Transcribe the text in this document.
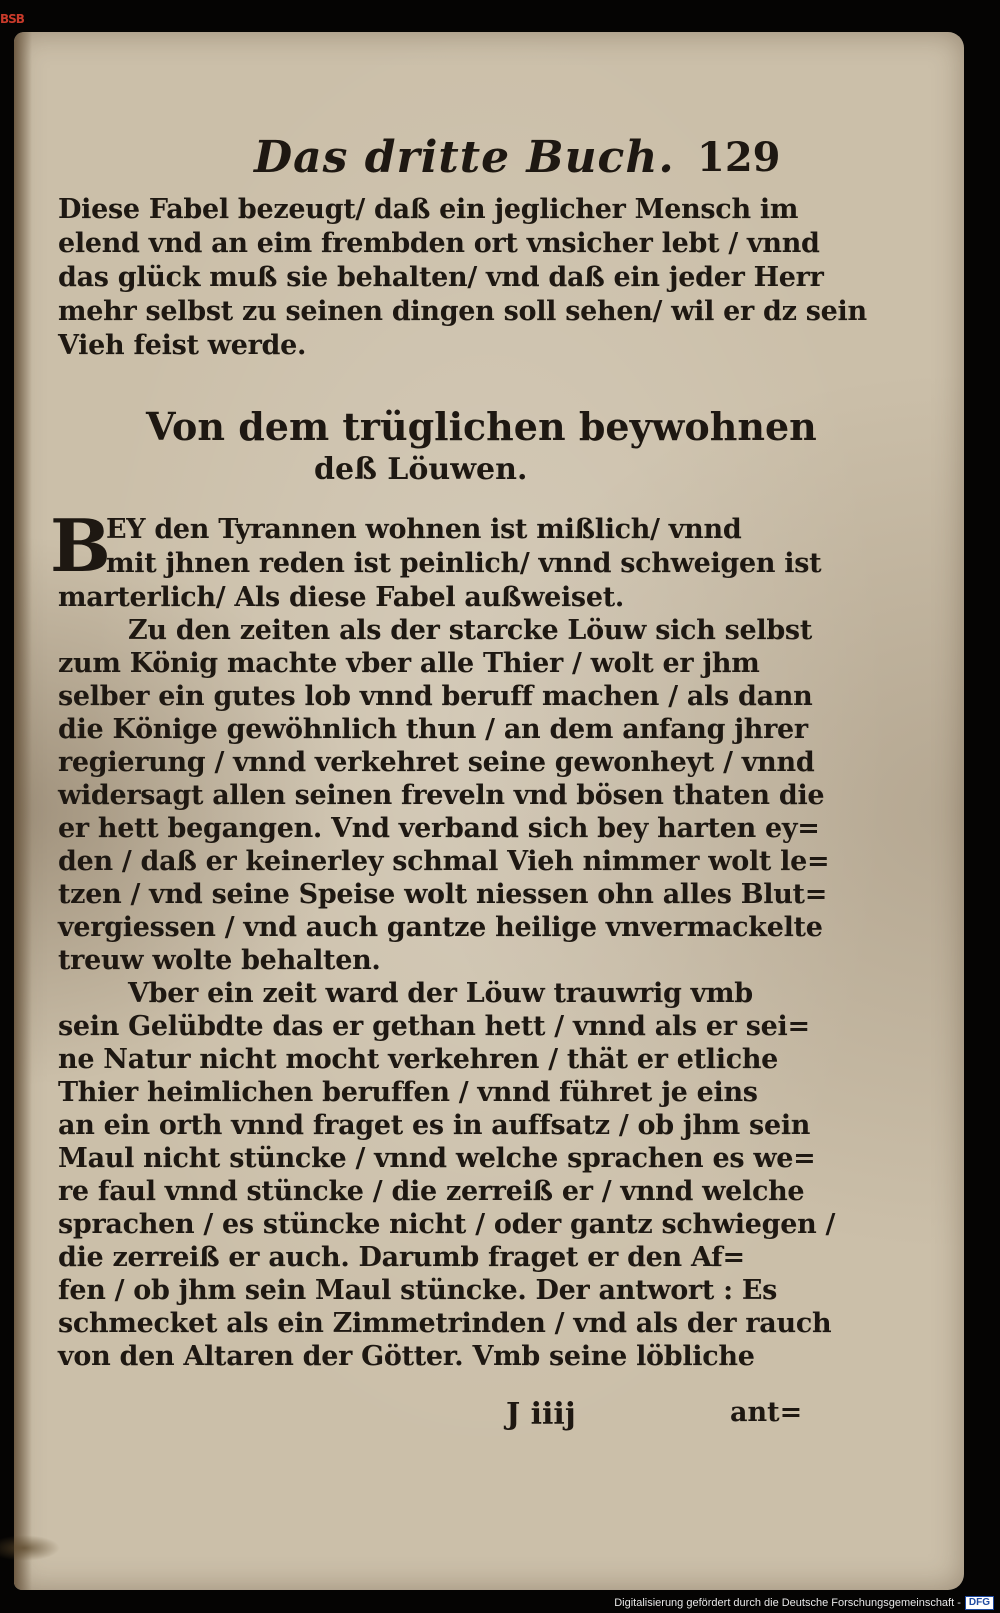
BSB
Das dritte Buch. 129
Diese Fabel bezeugt/ daß ein jeglicher Mensch im
elend vnd an eim frembden ort vnsicher lebt / vnnd
das glück muß sie behalten/ vnd daß ein jeder Herr
mehr selbst zu seinen dingen soll sehen/ wil er dz sein
Vieh feist werde.
Von dem trüglichen beywohnen
deß Löuwen.
B
EY den Tyrannen wohnen ist mißlich/ vnnd
mit jhnen reden ist peinlich/ vnnd schweigen ist
marterlich/ Als diese Fabel außweiset.
Zu den zeiten als der starcke Löuw sich selbst
zum König machte vber alle Thier / wolt er jhm
selber ein gutes lob vnnd beruff machen / als dann
die Könige gewöhnlich thun / an dem anfang jhrer
regierung / vnnd verkehret seine gewonheyt / vnnd
widersagt allen seinen freveln vnd bösen thaten die
er hett begangen. Vnd verband sich bey harten ey=
den / daß er keinerley schmal Vieh nimmer wolt le=
tzen / vnd seine Speise wolt niessen ohn alles Blut=
vergiessen / vnd auch gantze heilige vnvermackelte
treuw wolte behalten.
Vber ein zeit ward der Löuw trauwrig vmb
sein Gelübdte das er gethan hett / vnnd als er sei=
ne Natur nicht mocht verkehren / thät er etliche
Thier heimlichen beruffen / vnnd führet je eins
an ein orth vnnd fraget es in auffsatz / ob jhm sein
Maul nicht stüncke / vnnd welche sprachen es we=
re faul vnnd stüncke / die zerreiß er / vnnd welche
sprachen / es stüncke nicht / oder gantz schwiegen /
die zerreiß er auch. Darumb fraget er den Af=
fen / ob jhm sein Maul stüncke. Der antwort : Es
schmecket als ein Zimmetrinden / vnd als der rauch
von den Altaren der Götter. Vmb seine löbliche
J iiij	ant=
Digitalisierung gefördert durch die Deutsche Forschungsgemeinschaft - DFG
